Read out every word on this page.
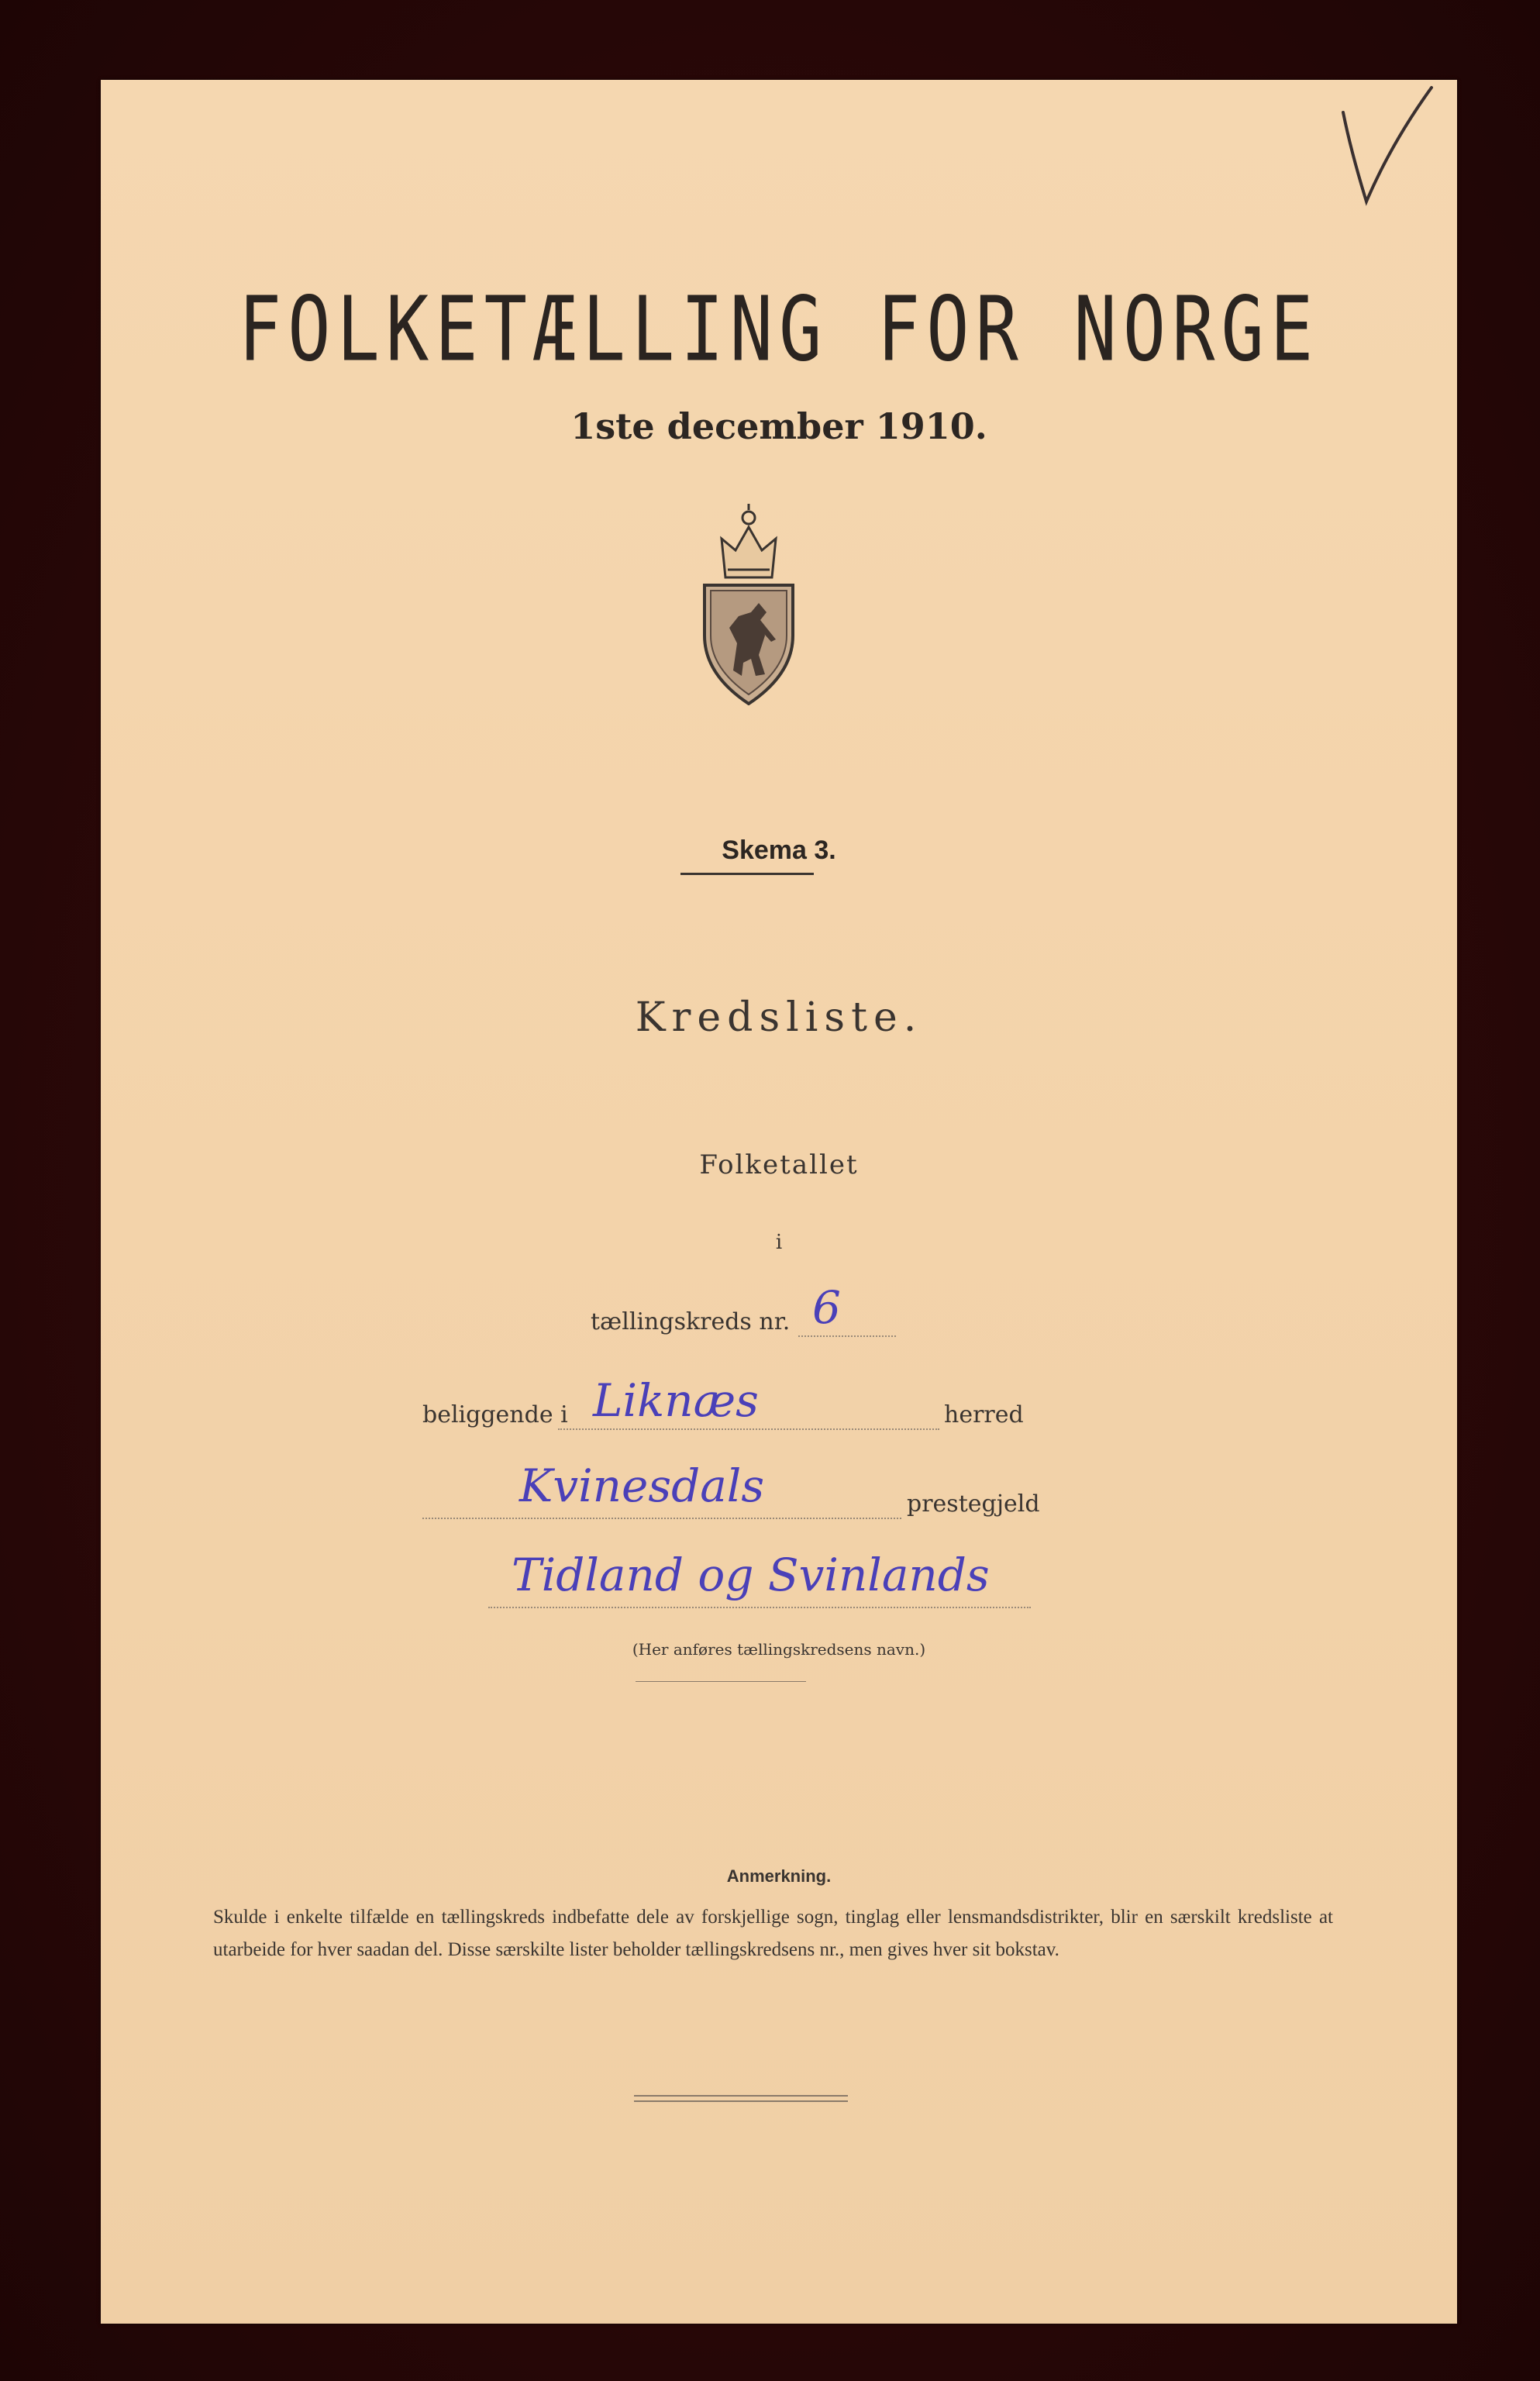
FOLKETÆLLING FOR NORGE
1ste december 1910.
Skema 3.
Kredsliste.
Folketallet
i
tællingskreds nr. 6
beliggende i Liknæs	herred
Kvinesdals	prestegjeld
Tidland og Svinlands
(Her anføres tællingskredsens navn.)
Anmerkning.
Skulde i enkelte tilfælde en tællingskreds indbefatte dele av forskjellige sogn, tinglag eller lensmandsdistrikter, blir en særskilt kredsliste at utarbeide for hver saadan del. Disse særskilte lister beholder tællingskredsens nr., men gives hver sit bokstav.
